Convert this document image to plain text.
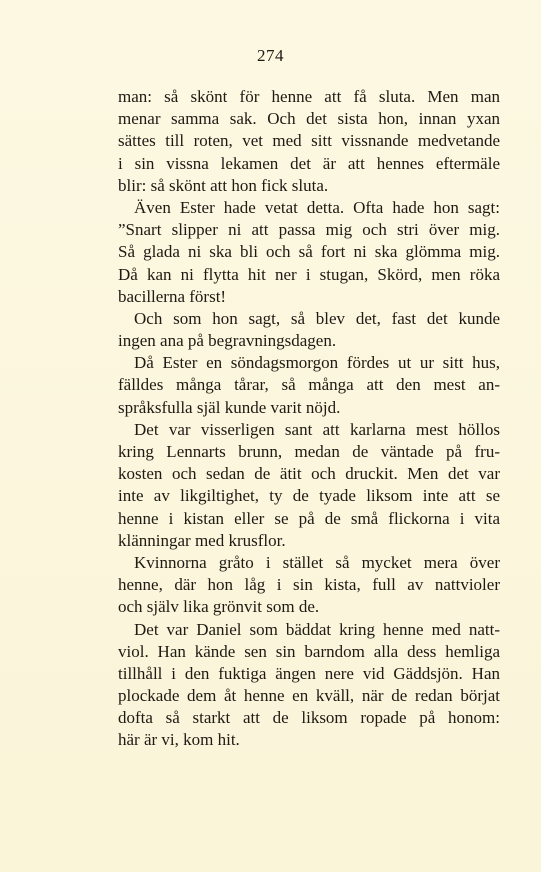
274
man: så skönt för henne att få sluta. Men man
menar samma sak. Och det sista hon, innan yxan
sättes till roten, vet med sitt vissnande medvetande
i sin vissna lekamen det är att hennes eftermäle
blir: så skönt att hon fick sluta.
Även Ester hade vetat detta. Ofta hade hon sagt:
”Snart slipper ni att passa mig och stri över mig.
Så glada ni ska bli och så fort ni ska glömma mig.
Då kan ni flytta hit ner i stugan, Skörd, men röka
bacillerna först!
Och som hon sagt, så blev det, fast det kunde
ingen ana på begravningsdagen.
Då Ester en söndagsmorgon fördes ut ur sitt hus,
fälldes många tårar, så många att den mest an-
språksfulla själ kunde varit nöjd.
Det var visserligen sant att karlarna mest höllos
kring Lennarts brunn, medan de väntade på fru-
kosten och sedan de ätit och druckit. Men det var
inte av likgiltighet, ty de tyade liksom inte att se
henne i kistan eller se på de små flickorna i vita
klänningar med krusflor.
Kvinnorna gråto i stället så mycket mera över
henne, där hon låg i sin kista, full av nattvioler
och själv lika grönvit som de.
Det var Daniel som bäddat kring henne med natt-
viol. Han kände sen sin barndom alla dess hemliga
tillhåll i den fuktiga ängen nere vid Gäddsjön. Han
plockade dem åt henne en kväll, när de redan börjat
dofta så starkt att de liksom ropade på honom:
här är vi, kom hit.
